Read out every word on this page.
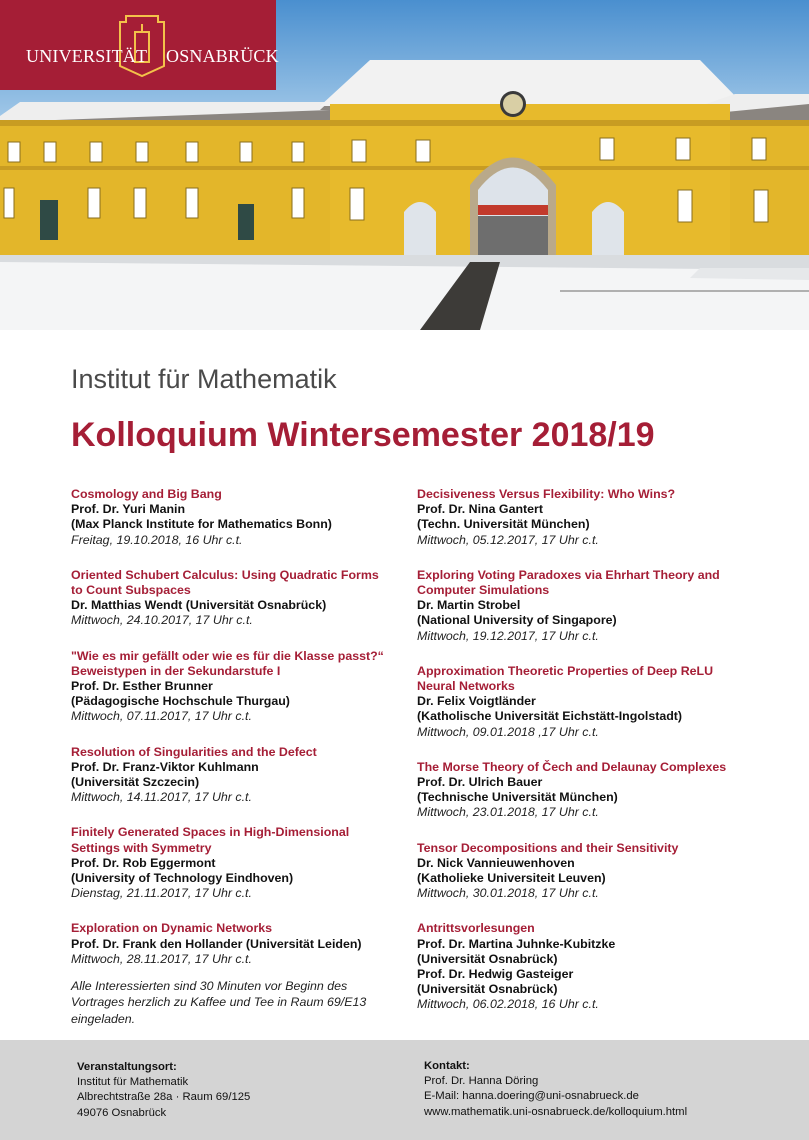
UNIVERSITÄT OSNABRÜCK
Institut für Mathematik
Kolloquium Wintersemester 2018/19
Cosmology and Big Bang
Prof. Dr. Yuri Manin
(Max Planck Institute for Mathematics Bonn)
Freitag, 19.10.2018, 16 Uhr c.t.
Oriented Schubert Calculus: Using Quadratic Forms to Count Subspaces
Dr. Matthias Wendt (Universität Osnabrück)
Mittwoch, 24.10.2017, 17 Uhr c.t.
"Wie es mir gefällt oder wie es für die Klasse passt?“ Beweistypen in der Sekundarstufe I
Prof. Dr. Esther Brunner
(Pädagogische Hochschule Thurgau)
Mittwoch, 07.11.2017, 17 Uhr c.t.
Resolution of Singularities and the Defect
Prof. Dr. Franz-Viktor Kuhlmann
(Universität Szczecin)
Mittwoch, 14.11.2017, 17 Uhr c.t.
Finitely Generated Spaces in High-Dimensional Settings with Symmetry
Prof. Dr. Rob Eggermont
(University of Technology Eindhoven)
Dienstag, 21.11.2017, 17 Uhr c.t.
Exploration on Dynamic Networks
Prof. Dr. Frank den Hollander (Universität Leiden)
Mittwoch, 28.11.2017, 17 Uhr c.t.
Decisiveness Versus Flexibility: Who Wins?
Prof. Dr. Nina Gantert
(Techn. Universität München)
Mittwoch, 05.12.2017, 17 Uhr c.t.
Exploring Voting Paradoxes via Ehrhart Theory and Computer Simulations
Dr. Martin Strobel
(National University of Singapore)
Mittwoch, 19.12.2017, 17 Uhr c.t.
Approximation Theoretic Properties of Deep ReLU Neural Networks
Dr. Felix Voigtländer
(Katholische Universität Eichstätt-Ingolstadt)
Mittwoch, 09.01.2018 ,17 Uhr c.t.
The Morse Theory of Čech and Delaunay Complexes
Prof. Dr. Ulrich Bauer
(Technische Universität München)
Mittwoch, 23.01.2018, 17 Uhr c.t.
Tensor Decompositions and their Sensitivity
Dr. Nick Vannieuwenhoven
(Katholieke Universiteit Leuven)
Mittwoch, 30.01.2018, 17 Uhr c.t.
Antrittsvorlesungen
Prof. Dr. Martina Juhnke-Kubitzke
(Universität Osnabrück)
Prof. Dr. Hedwig Gasteiger
(Universität Osnabrück)
Mittwoch, 06.02.2018, 16 Uhr c.t.
Alle Interessierten sind 30 Minuten vor Beginn des Vortrages herzlich zu Kaffee und Tee in Raum 69/E13 eingeladen.
Veranstaltungsort:
Institut für Mathematik
Albrechtstraße 28a · Raum 69/125
49076 Osnabrück
Kontakt:
Prof. Dr. Hanna Döring
E-Mail: hanna.doering@uni-osnabrueck.de
www.mathematik.uni-osnabrueck.de/kolloquium.html
